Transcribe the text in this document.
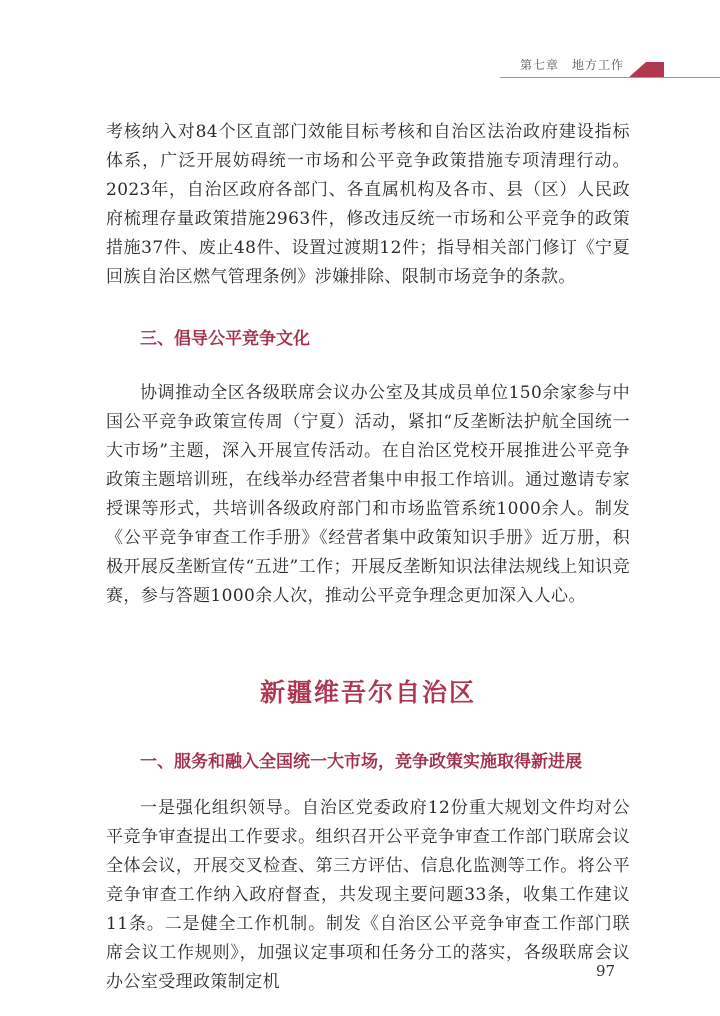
第七章　地方工作

考核纳入对84个区直部门效能目标考核和自治区法治政府建设指标体系，广泛开展妨碍统一市场和公平竞争政策措施专项清理行动。2023年，自治区政府各部门、各直属机构及各市、县（区）人民政府梳理存量政策措施2963件，修改违反统一市场和公平竞争的政策措施37件、废止48件、设置过渡期12件；指导相关部门修订《宁夏回族自治区燃气管理条例》涉嫌排除、限制市场竞争的条款。

三、倡导公平竞争文化

协调推动全区各级联席会议办公室及其成员单位150余家参与中国公平竞争政策宣传周（宁夏）活动，紧扣“反垄断法护航全国统一大市场”主题，深入开展宣传活动。在自治区党校开展推进公平竞争政策主题培训班，在线举办经营者集中申报工作培训。通过邀请专家授课等形式，共培训各级政府部门和市场监管系统1000余人。制发《公平竞争审查工作手册》《经营者集中政策知识手册》近万册，积极开展反垄断宣传“五进”工作；开展反垄断知识法律法规线上知识竞赛，参与答题1000余人次，推动公平竞争理念更加深入人心。

新疆维吾尔自治区
一、服务和融入全国统一大市场，竞争政策实施取得新进展

一是强化组织领导。自治区党委政府12份重大规划文件均对公平竞争审查提出工作要求。组织召开公平竞争审查工作部门联席会议全体会议，开展交叉检查、第三方评估、信息化监测等工作。将公平竞争审查工作纳入政府督查，共发现主要问题33条，收集工作建议11条。二是健全工作机制。制发《自治区公平竞争审查工作部门联席会议工作规则》，加强议定事项和任务分工的落实，各级联席会议办公室受理政策制定机

97
